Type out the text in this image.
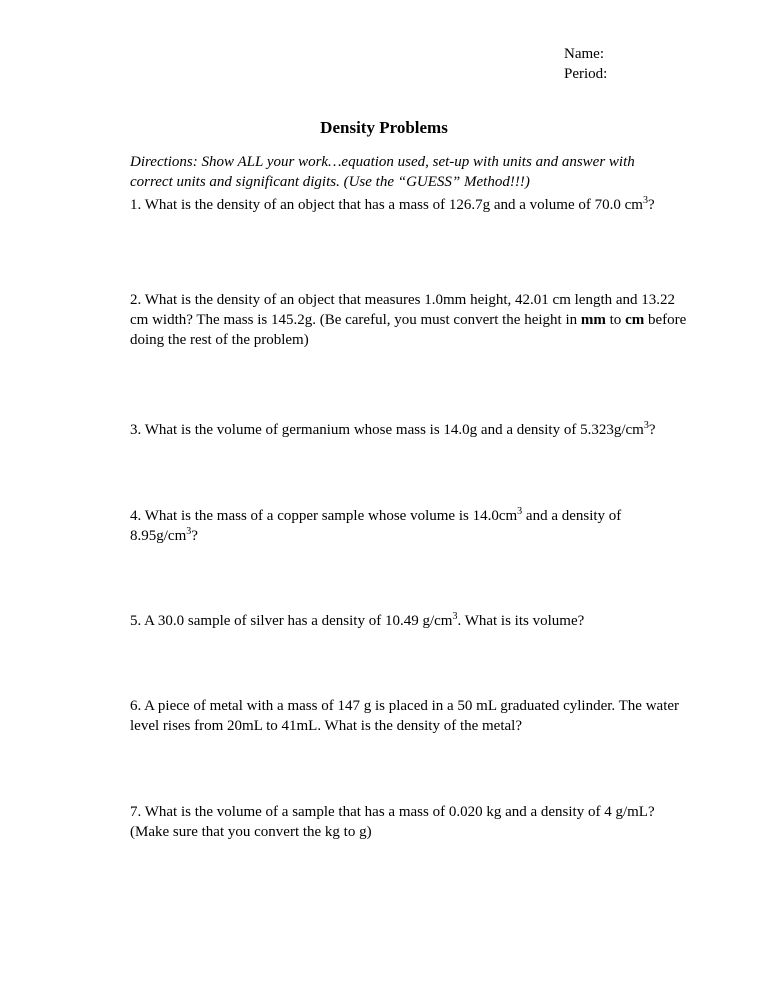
Name:
Period:
Density Problems
Directions: Show ALL your work…equation used, set-up with units and answer with correct units and significant digits. (Use the “GUESS” Method!!!)
1. What is the density of an object that has a mass of 126.7g and a volume of 70.0 $cm^3$?
2. What is the density of an object that measures 1.0mm height, 42.01 cm length and 13.22 cm width? The mass is 145.2g. (Be careful, you must convert the height in mm to cm before doing the rest of the problem)
3. What is the volume of germanium whose mass is 14.0g and a density of $5.323g/cm^3$?
4. What is the mass of a copper sample whose volume is $14.0cm^3$ and a density of $8.95g/cm^3$?
5. A 30.0 sample of silver has a density of 10.49 $g/cm^3$. What is its volume?
6. A piece of metal with a mass of 147 g is placed in a 50 mL graduated cylinder. The water level rises from 20mL to 41mL. What is the density of the metal?
7. What is the volume of a sample that has a mass of 0.020 kg and a density of 4 g/mL? (Make sure that you convert the kg to g)
